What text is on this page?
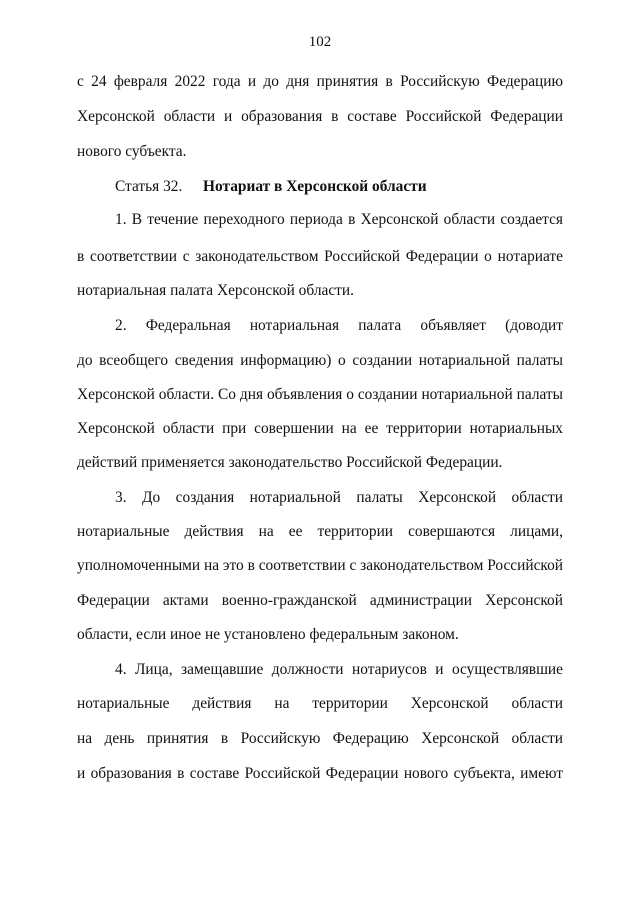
102
с 24 февраля 2022 года и до дня принятия в Российскую Федерацию
Херсонской области и образования в составе Российской Федерации
нового субъекта.
Статья 32. Нотариат в Херсонской области
1. В течение переходного периода в Херсонской области создается
в соответствии с законодательством Российской Федерации о нотариате
нотариальная палата Херсонской области.
2. Федеральная нотариальная палата объявляет (доводит
до всеобщего сведения информацию) о создании нотариальной палаты
Херсонской области. Со дня объявления о создании нотариальной палаты
Херсонской области при совершении на ее территории нотариальных
действий применяется законодательство Российской Федерации.
3. До создания нотариальной палаты Херсонской области
нотариальные действия на ее территории совершаются лицами,
уполномоченными на это в соответствии с законодательством Российской
Федерации актами военно-гражданской администрации Херсонской
области, если иное не установлено федеральным законом.
4. Лица, замещавшие должности нотариусов и осуществлявшие
нотариальные действия на территории Херсонской области
на день принятия в Российскую Федерацию Херсонской области
и образования в составе Российской Федерации нового субъекта, имеют
